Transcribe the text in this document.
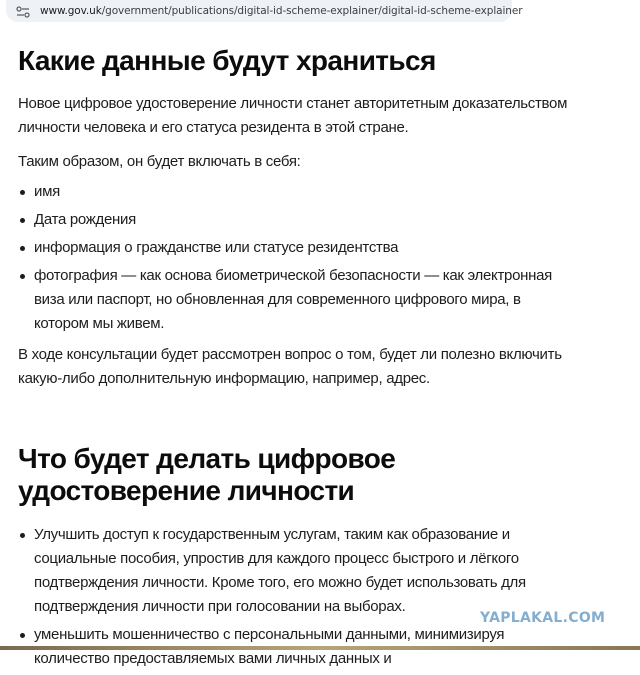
www.gov.uk/government/publications/digital-id-scheme-explainer/digital-id-scheme-explainer
Какие данные будут храниться

Новое цифровое удостоверение личности станет авторитетным доказательством личности человека и его статуса резидента в этой стране.

Таким образом, он будет включать в себя:

имя
Дата рождения
информация о гражданстве или статусе резидентства
фотография — как основа биометрической безопасности — как электронная виза или паспорт, но обновленная для современного цифрового мира, в котором мы живем.

В ходе консультации будет рассмотрен вопрос о том, будет ли полезно включить какую-либо дополнительную информацию, например, адрес.

Что будет делать цифровое удостоверение личности
Улучшить доступ к государственным услугам, таким как образование и социальные пособия, упростив для каждого процесс быстрого и лёгкого подтверждения личности. Кроме того, его можно будет использовать для подтверждения личности при голосовании на выборах.
уменьшить мошенничество с персональными данными, минимизируя количество предоставляемых вами личных данных и
YAPLAKAL.COM
